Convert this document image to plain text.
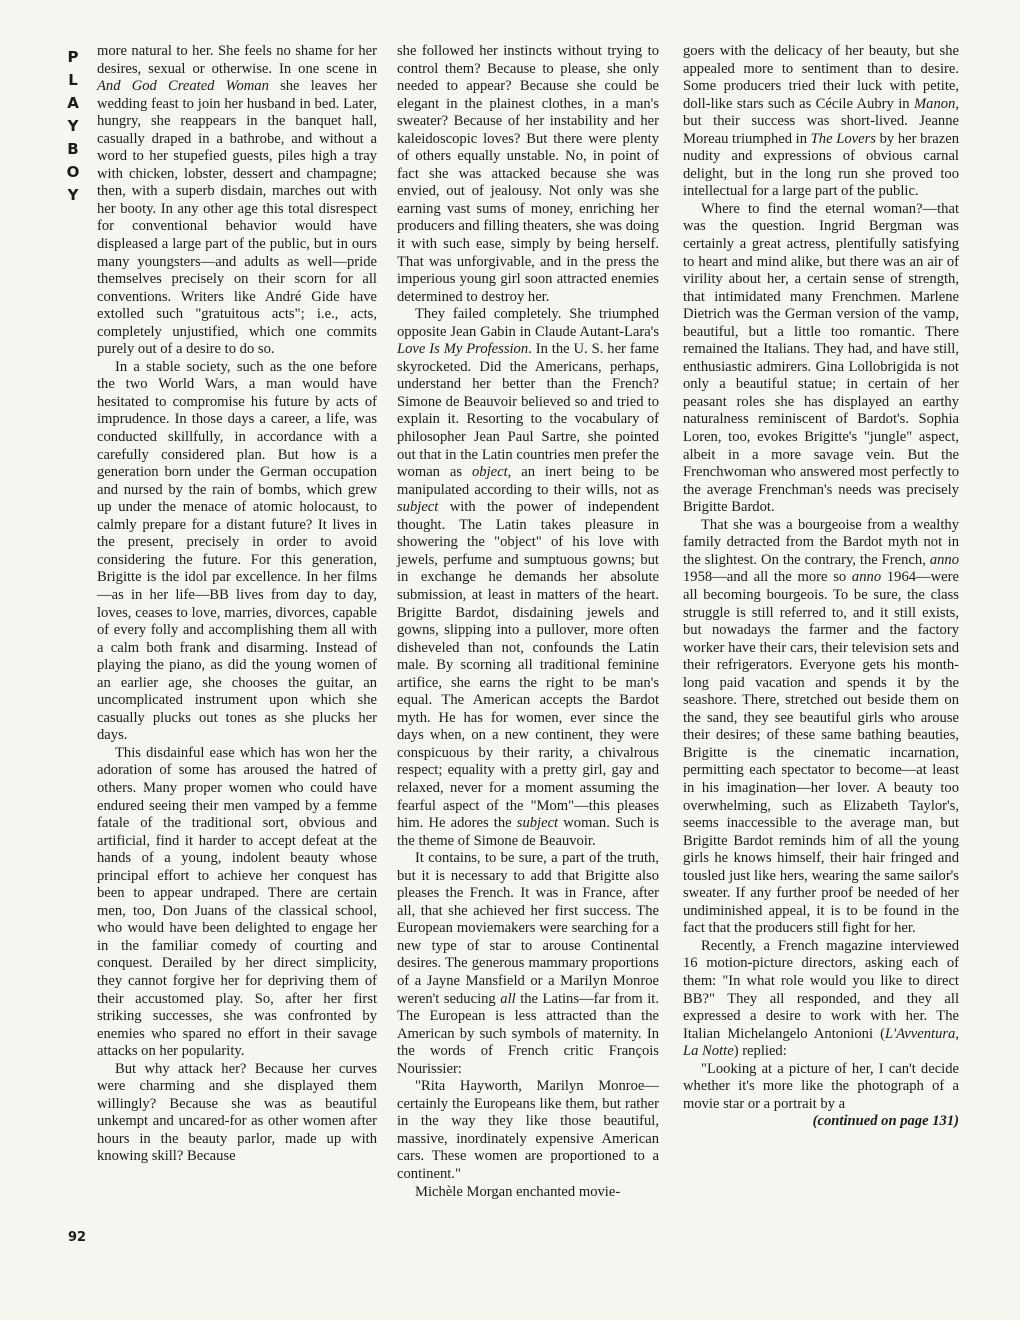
P
L
A
Y
B
O
Y
92

more natural to her. She feels no shame for her desires, sexual or otherwise. In one scene in And God Created Woman she leaves her wedding feast to join her husband in bed. Later, hungry, she reappears in the banquet hall, casually draped in a bathrobe, and without a word to her stupefied guests, piles high a tray with chicken, lobster, dessert and champagne; then, with a superb disdain, marches out with her booty. In any other age this total disrespect for conventional behavior would have displeased a large part of the public, but in ours many youngsters—and adults as well—pride themselves precisely on their scorn for all conventions. Writers like André Gide have extolled such "gratuitous acts"; i.e., acts, completely unjustified, which one commits purely out of a desire to do so.

In a stable society, such as the one before the two World Wars, a man would have hesitated to compromise his future by acts of imprudence. In those days a career, a life, was conducted skillfully, in accordance with a carefully considered plan. But how is a generation born under the German occupation and nursed by the rain of bombs, which grew up under the menace of atomic holocaust, to calmly prepare for a distant future? It lives in the present, precisely in order to avoid considering the future. For this generation, Brigitte is the idol par excellence. In her films—as in her life—BB lives from day to day, loves, ceases to love, marries, divorces, capable of every folly and accomplishing them all with a calm both frank and disarming. Instead of playing the piano, as did the young women of an earlier age, she chooses the guitar, an uncomplicated instrument upon which she casually plucks out tones as she plucks her days.

This disdainful ease which has won her the adoration of some has aroused the hatred of others. Many proper women who could have endured seeing their men vamped by a femme fatale of the traditional sort, obvious and artificial, find it harder to accept defeat at the hands of a young, indolent beauty whose principal effort to achieve her conquest has been to appear undraped. There are certain men, too, Don Juans of the classical school, who would have been delighted to engage her in the familiar comedy of courting and conquest. Derailed by her direct simplicity, they cannot forgive her for depriving them of their accustomed play. So, after her first striking successes, she was confronted by enemies who spared no effort in their savage attacks on her popularity.

But why attack her? Because her curves were charming and she displayed them willingly? Because she was as beautiful unkempt and uncared-for as other women after hours in the beauty parlor, made up with knowing skill? Because

she followed her instincts without trying to control them? Because to please, she only needed to appear? Because she could be elegant in the plainest clothes, in a man's sweater? Because of her instability and her kaleidoscopic loves? But there were plenty of others equally unstable. No, in point of fact she was attacked because she was envied, out of jealousy. Not only was she earning vast sums of money, enriching her producers and filling theaters, she was doing it with such ease, simply by being herself. That was unforgivable, and in the press the imperious young girl soon attracted enemies determined to destroy her.

They failed completely. She triumphed opposite Jean Gabin in Claude Autant-Lara's Love Is My Profession. In the U. S. her fame skyrocketed. Did the Americans, perhaps, understand her better than the French? Simone de Beauvoir believed so and tried to explain it. Resorting to the vocabulary of philosopher Jean Paul Sartre, she pointed out that in the Latin countries men prefer the woman as object, an inert being to be manipulated according to their wills, not as subject with the power of independent thought. The Latin takes pleasure in showering the "object" of his love with jewels, perfume and sumptuous gowns; but in exchange he demands her absolute submission, at least in matters of the heart. Brigitte Bardot, disdaining jewels and gowns, slipping into a pullover, more often disheveled than not, confounds the Latin male. By scorning all traditional feminine artifice, she earns the right to be man's equal. The American accepts the Bardot myth. He has for women, ever since the days when, on a new continent, they were conspicuous by their rarity, a chivalrous respect; equality with a pretty girl, gay and relaxed, never for a moment assuming the fearful aspect of the "Mom"—this pleases him. He adores the subject woman. Such is the theme of Simone de Beauvoir.

It contains, to be sure, a part of the truth, but it is necessary to add that Brigitte also pleases the French. It was in France, after all, that she achieved her first success. The European moviemakers were searching for a new type of star to arouse Continental desires. The generous mammary proportions of a Jayne Mansfield or a Marilyn Monroe weren't seducing all the Latins—far from it. The European is less attracted than the American by such symbols of maternity. In the words of French critic François Nourissier:

"Rita Hayworth, Marilyn Monroe—certainly the Europeans like them, but rather in the way they like those beautiful, massive, inordinately expensive American cars. These women are proportioned to a continent."

Michèle Morgan enchanted movie-

goers with the delicacy of her beauty, but she appealed more to sentiment than to desire. Some producers tried their luck with petite, doll-like stars such as Cécile Aubry in Manon, but their success was short-lived. Jeanne Moreau triumphed in The Lovers by her brazen nudity and expressions of obvious carnal delight, but in the long run she proved too intellectual for a large part of the public.

Where to find the eternal woman?—that was the question. Ingrid Bergman was certainly a great actress, plentifully satisfying to heart and mind alike, but there was an air of virility about her, a certain sense of strength, that intimidated many Frenchmen. Marlene Dietrich was the German version of the vamp, beautiful, but a little too romantic. There remained the Italians. They had, and have still, enthusiastic admirers. Gina Lollobrigida is not only a beautiful statue; in certain of her peasant roles she has displayed an earthy naturalness reminiscent of Bardot's. Sophia Loren, too, evokes Brigitte's "jungle" aspect, albeit in a more savage vein. But the Frenchwoman who answered most perfectly to the average Frenchman's needs was precisely Brigitte Bardot.

That she was a bourgeoise from a wealthy family detracted from the Bardot myth not in the slightest. On the contrary, the French, anno 1958—and all the more so anno 1964—were all becoming bourgeois. To be sure, the class struggle is still referred to, and it still exists, but nowadays the farmer and the factory worker have their cars, their television sets and their refrigerators. Everyone gets his month-long paid vacation and spends it by the seashore. There, stretched out beside them on the sand, they see beautiful girls who arouse their desires; of these same bathing beauties, Brigitte is the cinematic incarnation, permitting each spectator to become—at least in his imagination—her lover. A beauty too overwhelming, such as Elizabeth Taylor's, seems inaccessible to the average man, but Brigitte Bardot reminds him of all the young girls he knows himself, their hair fringed and tousled just like hers, wearing the same sailor's sweater. If any further proof be needed of her undiminished appeal, it is to be found in the fact that the producers still fight for her.

Recently, a French magazine interviewed 16 motion-picture directors, asking each of them: "In what role would you like to direct BB?" They all responded, and they all expressed a desire to work with her. The Italian Michelangelo Antonioni (L'Avventura, La Notte) replied:

"Looking at a picture of her, I can't decide whether it's more like the photograph of a movie star or a portrait by a

(continued on page 131)
